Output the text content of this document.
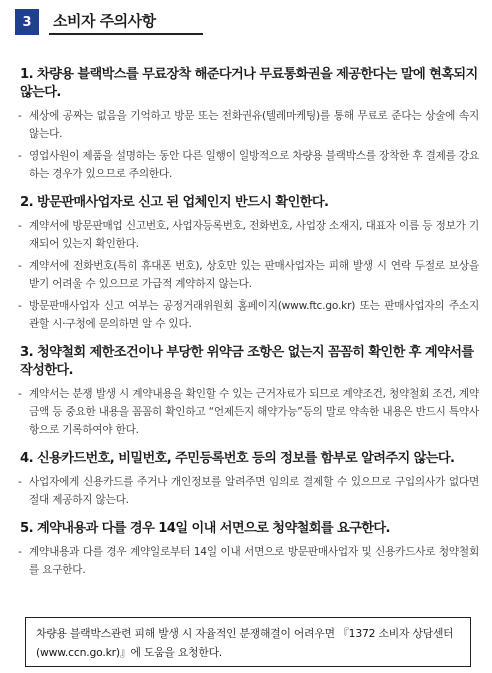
3	소비자 주의사항
1. 차량용 블랙박스를 무료장착 해준다거나 무료통화권을 제공한다는 말에 현혹되지 않는다.
- 세상에 공짜는 없음을 기억하고 방문 또는 전화권유(텔레마케팅)를 통해 무료로 준다는 상술에 속지 않는다.
- 영업사원이 제품을 설명하는 동안 다른 일행이 일방적으로 차량용 블랙박스를 장착한 후 결제를 강요하는 경우가 있으므로 주의한다.
2. 방문판매사업자로 신고 된 업체인지 반드시 확인한다.
- 계약서에 방문판매업 신고번호, 사업자등록번호, 전화번호, 사업장 소재지, 대표자 이름 등 정보가 기재되어 있는지 확인한다.
- 계약서에 전화번호(특히 휴대폰 번호), 상호만 있는 판매사업자는 피해 발생 시 연락 두절로 보상을 받기 어려울 수 있으므로 가급적 계약하지 않는다.
- 방문판매사업자 신고 여부는 공정거래위원회 홈페이지(www.ftc.go.kr) 또는 판매사업자의 주소지 관할 시·구청에 문의하면 알 수 있다.
3. 청약철회 제한조건이나 부당한 위약금 조항은 없는지 꼼꼼히 확인한 후 계약서를 작성한다.
- 계약서는 분쟁 발생 시 계약내용을 확인할 수 있는 근거자료가 되므로 계약조건, 청약철회 조건, 계약금액 등 중요한 내용을 꼼꼼히 확인하고 “언제든지 해약가능”등의 말로 약속한 내용은 반드시 특약사항으로 기록하여야 한다.
4. 신용카드번호, 비밀번호, 주민등록번호 등의 정보를 함부로 알려주지 않는다.
- 사업자에게 신용카드를 주거나 개인정보를 알려주면 임의로 결제할 수 있으므로 구입의사가 없다면 절대 제공하지 않는다.
5. 계약내용과 다를 경우 14일 이내 서면으로 청약철회를 요구한다.
- 계약내용과 다를 경우 계약일로부터 14일 이내 서면으로 방문판매사업자 및 신용카드사로 청약철회를 요구한다.
차량용 블랙박스관련 피해 발생 시 자율적인 분쟁해결이 어려우면 『1372 소비자 상담센터(www.ccn.go.kr)』에 도움을 요청한다.
